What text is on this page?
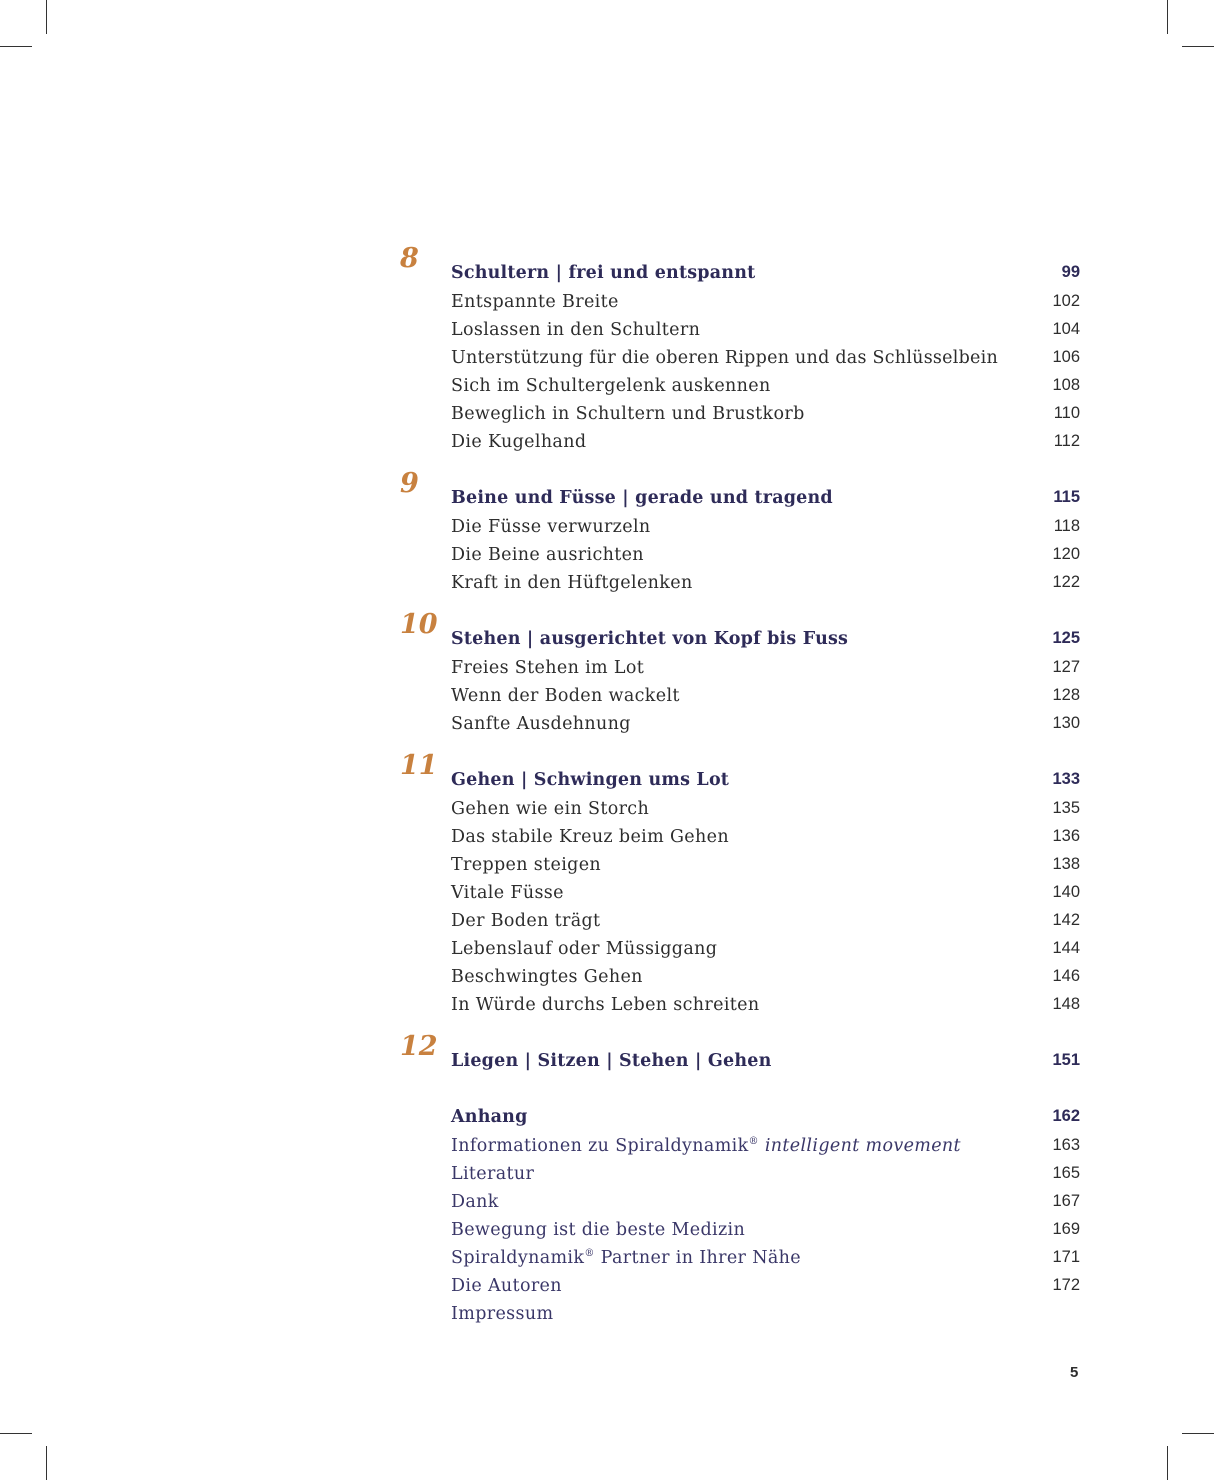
8 Schultern | frei und entspannt	99
Entspannte Breite	102
Loslassen in den Schultern	104
Unterstützung für die oberen Rippen und das Schlüsselbein	106
Sich im Schultergelenk auskennen	108
Beweglich in Schultern und Brustkorb	110
Die Kugelhand	112
9 Beine und Füsse | gerade und tragend	115
Die Füsse verwurzeln	118
Die Beine ausrichten	120
Kraft in den Hüftgelenken	122
10 Stehen | ausgerichtet von Kopf bis Fuss	125
Freies Stehen im Lot	127
Wenn der Boden wackelt	128
Sanfte Ausdehnung	130
11 Gehen | Schwingen ums Lot	133
Gehen wie ein Storch	135
Das stabile Kreuz beim Gehen	136
Treppen steigen	138
Vitale Füsse	140
Der Boden trägt	142
Lebenslauf oder Müssiggang	144
Beschwingtes Gehen	146
In Würde durchs Leben schreiten	148
12 Liegen | Sitzen | Stehen | Gehen	151
Anhang	162
Informationen zu Spiraldynamik® intelligent movement	163
Literatur	165
Dank	167
Bewegung ist die beste Medizin	169
Spiraldynamik® Partner in Ihrer Nähe	171
Die Autoren	172
Impressum
5
